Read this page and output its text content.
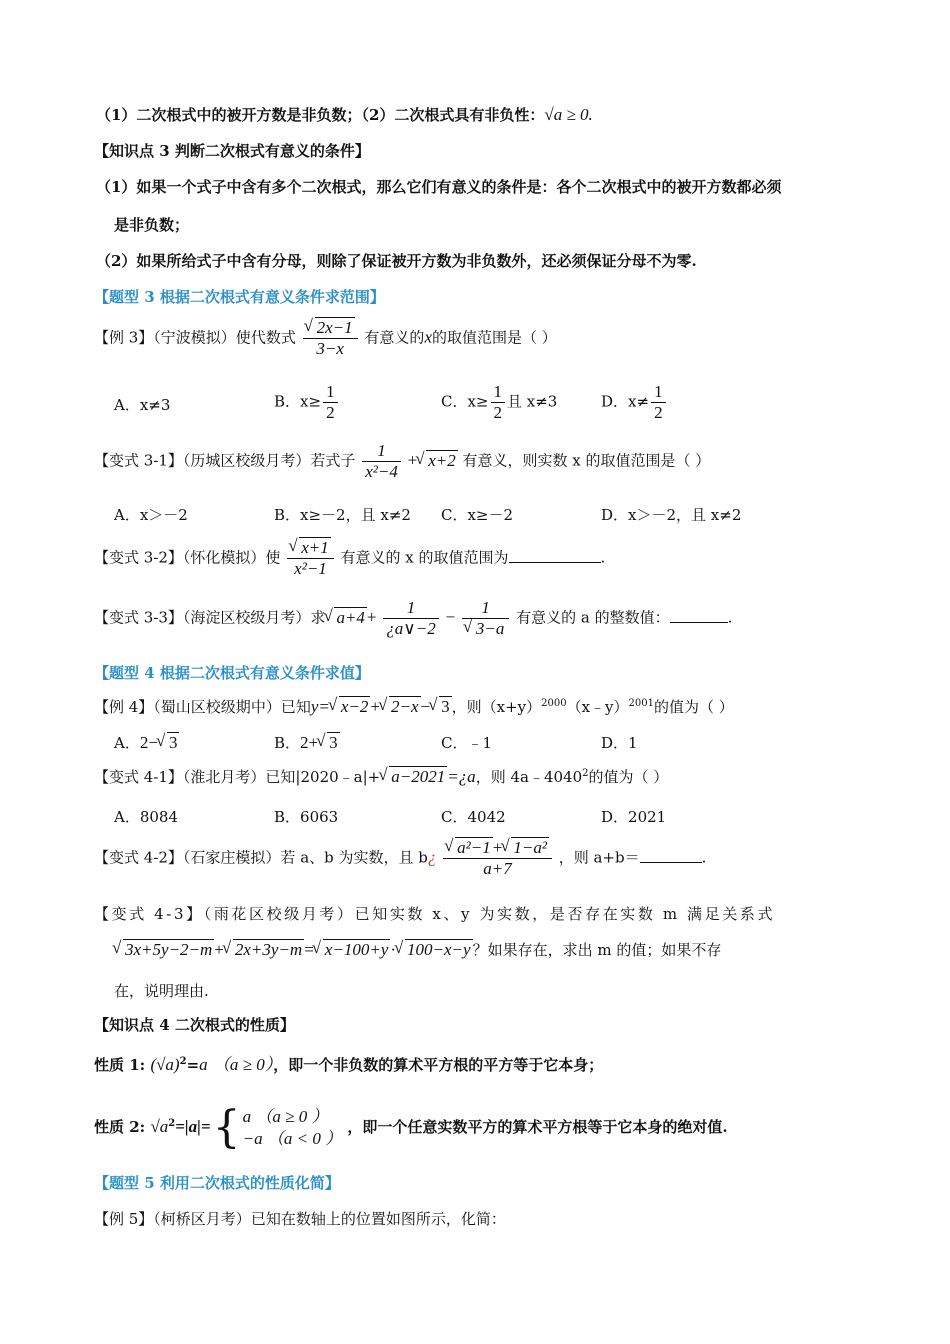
（1）二次根式中的被开方数是非负数；（2）二次根式具有非负性：√a ≥ 0.
【知识点 3 判断二次根式有意义的条件】
（1）如果一个式子中含有多个二次根式，那么它们有意义的条件是：各个二次根式中的被开方数都必须
是非负数；
（2）如果所给式子中含有分母，则除了保证被开方数为非负数外，还必须保证分母不为零.
【题型 3 根据二次根式有意义条件求范围】
【例 3】（宁波模拟）使代数式 √ $\frac{2x-1}{3-x}$ 有意义的x的取值范围是（ ）
A．x≠3	B．$x\ge \frac{1}{2}$	C．$x\ge \frac{1}{2}$ 且 x≠3	D．$x\ne \frac{1}{2}$
【变式 3-1】（历城区校级月考）若式子 $\frac{1}{\text{x²−4}}$ + √ x+2 有意义，则实数 x 的取值范围是（ ）
A．x＞－2	B．x≥－2，且 x≠2 C．x≥－2	D．x＞－2，且 x≠2
【变式 3-2】（怀化模拟）使 √ $\frac{x+1}{\text{x²−1}}$ 有意义的 x 的取值范围为	.
【变式 3-3】（海淀区校级月考）求 √ $a+4 + \frac{1}{¿a\vee-2} - 1$
√ 3−a 有意义的 a 的整数值：	.
【题型 4 根据二次根式有意义条件求值】
【例 4】（蜀山区校级期中）已知y= √ x−2 + √ 2−x − √ 3 ，则$(x+y)^{2000}(x﹣y)^{2001}$的值为（ ）
A．2− √ 3	B．2+ √ 3	C．﹣1	D．1
【变式 4-1】（淮北月考）已知|2020﹣a|+ √ a−2021 =¿a，则 4a﹣4040$^2$的值为（ ）
A．8084	B．6063	C．4042	D．2021
【变式 4-2】（石家庄模拟）若 a、b 为实数，且 b¿ √ $\frac{\text{a²−1 + √ 1−a²}}{a+7}$ ，则 a+b＝	.
【变式 4-3】（雨花区校级月考）已知实数 x、y 为实数，是否存在实数 m 满足关系式
√ 3x+5y−2−m + √ 2x+3y−m = √ x−100+y · √ 100−x−y ？如果存在，求出 m 的值；如果不存
在，说明理由.
【知识点 4 二次根式的性质】
性质 1: $(√a)^2=a$ （a ≥ 0），即一个非负数的算术平方根的平方等于它本身；
性质 2: $√a^2=|a|=${ a （a ≥ 0 ）
−a （a < 0 ）
，即一个任意实数平方的算术平方根等于它本身的绝对值.
【题型 5 利用二次根式的性质化简】
【例 5】（柯桥区月考）已知在数轴上的位置如图所示，化简：
